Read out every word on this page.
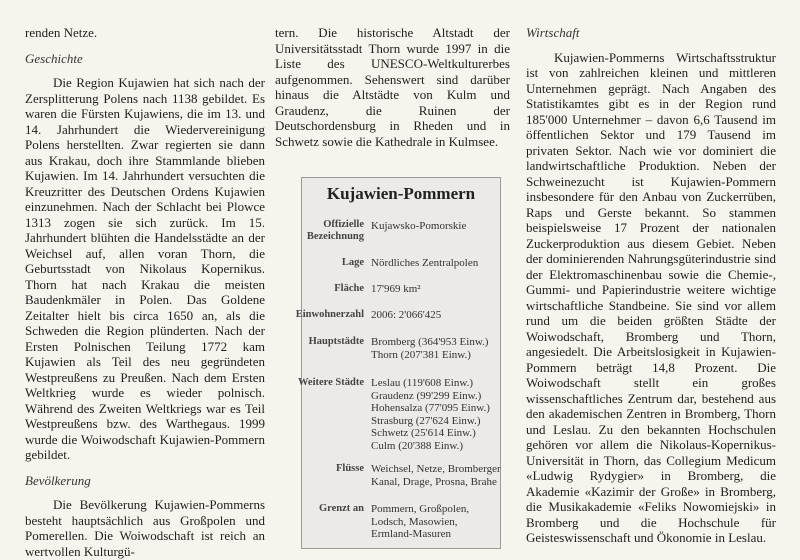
renden Netze.

Geschichte

Die Region Kujawien hat sich nach der Zersplitterung Polens nach 1138 gebildet. Es waren die Fürsten Kujawiens, die im 13. und 14. Jahrhundert die Wiedervereinigung Polens herstellten. Zwar regierten sie dann aus Krakau, doch ihre Stammlande blieben Kujawien. Im 14. Jahrhundert versuchten die Kreuzritter des Deutschen Ordens Kujawien einzunehmen. Nach der Schlacht bei Plowce 1313 zogen sie sich zurück. Im 15. Jahrhundert blühten die Handelsstädte an der Weichsel auf, allen voran Thorn, die Geburtsstadt von Nikolaus Kopernikus. Thorn hat nach Krakau die meisten Baudenkmäler in Polen. Das Goldene Zeitalter hielt bis circa 1650 an, als die Schweden die Region plünderten. Nach der Ersten Polnischen Teilung 1772 kam Kujawien als Teil des neu gegründeten Westpreußens zu Preußen. Nach dem Ersten Weltkrieg wurde es wieder polnisch. Während des Zweiten Weltkriegs war es Teil Westpreußens bzw. des Warthegaus. 1999 wurde die Woiwodschaft Kujawien-Pommern gebildet.

Bevölkerung

Die Bevölkerung Kujawien-Pommerns besteht hauptsächlich aus Großpolen und Pomerellen. Die Woiwodschaft ist reich an wertvollen Kulturgü-

tern. Die historische Altstadt der Universitätsstadt Thorn wurde 1997 in die Liste des UNESCO-Weltkulturerbes aufgenommen. Sehenswert sind darüber hinaus die Altstädte von Kulm und Graudenz, die Ruinen der Deutschordensburg in Rheden und in Schwetz sowie die Kathedrale in Kulmsee.

Kujawien-Pommern
Offizielle Bezeichnung
Kujawsko-Pomorskie
Lage Nördliches Zentralpolen
Fläche 17'969 km²
Einwohnerzahl 2006: 2'066'425
Hauptstädte Bromberg (364'953 Einw.)
Thorn (207'381 Einw.)
Weitere Städte Leslau (119'608 Einw.)
Graudenz (99'299 Einw.)
Hohensalza (77'095 Einw.)
Strasburg (27'624 Einw.)
Schwetz (25'614 Einw.)
Culm (20'388 Einw.)
Flüsse Weichsel, Netze, Bromberger
Kanal, Drage, Prosna, Brahe
Grenzt an Pommern, Großpolen,
Lodsch, Masowien,
Ermland-Masuren

Wirtschaft

Kujawien-Pommerns Wirtschaftsstruktur ist von zahlreichen kleinen und mittleren Unternehmen geprägt. Nach Angaben des Statistikamtes gibt es in der Region rund 185'000 Unternehmer – davon 6,6 Tausend im öffentlichen Sektor und 179 Tausend im privaten Sektor. Nach wie vor dominiert die landwirtschaftliche Produktion. Neben der Schweinezucht ist Kujawien-Pommern insbesondere für den Anbau von Zuckerrüben, Raps und Gerste bekannt. So stammen beispielsweise 17 Prozent der nationalen Zuckerproduktion aus diesem Gebiet. Neben der dominierenden Nahrungsgüterindustrie sind der Elektromaschinenbau sowie die Chemie-, Gummi- und Papierindustrie weitere wichtige wirtschaftliche Standbeine. Sie sind vor allem rund um die beiden größten Städte der Woiwodschaft, Bromberg und Thorn, angesiedelt. Die Arbeitslosigkeit in Kujawien-Pommern beträgt 14,8 Prozent. Die Woiwodschaft stellt ein großes wissenschaftliches Zentrum dar, bestehend aus den akademischen Zentren in Bromberg, Thorn und Leslau. Zu den bekannten Hochschulen gehören vor allem die Nikolaus-Kopernikus-Universität in Thorn, das Collegium Medicum «Ludwig Rydygier» in Bromberg, die Akademie «Kazimir der Große» in Bromberg, die Musikakademie «Feliks Nowomiejski» in Bromberg und die Hochschule für Geisteswissenschaft und Ökonomie in Leslau.
